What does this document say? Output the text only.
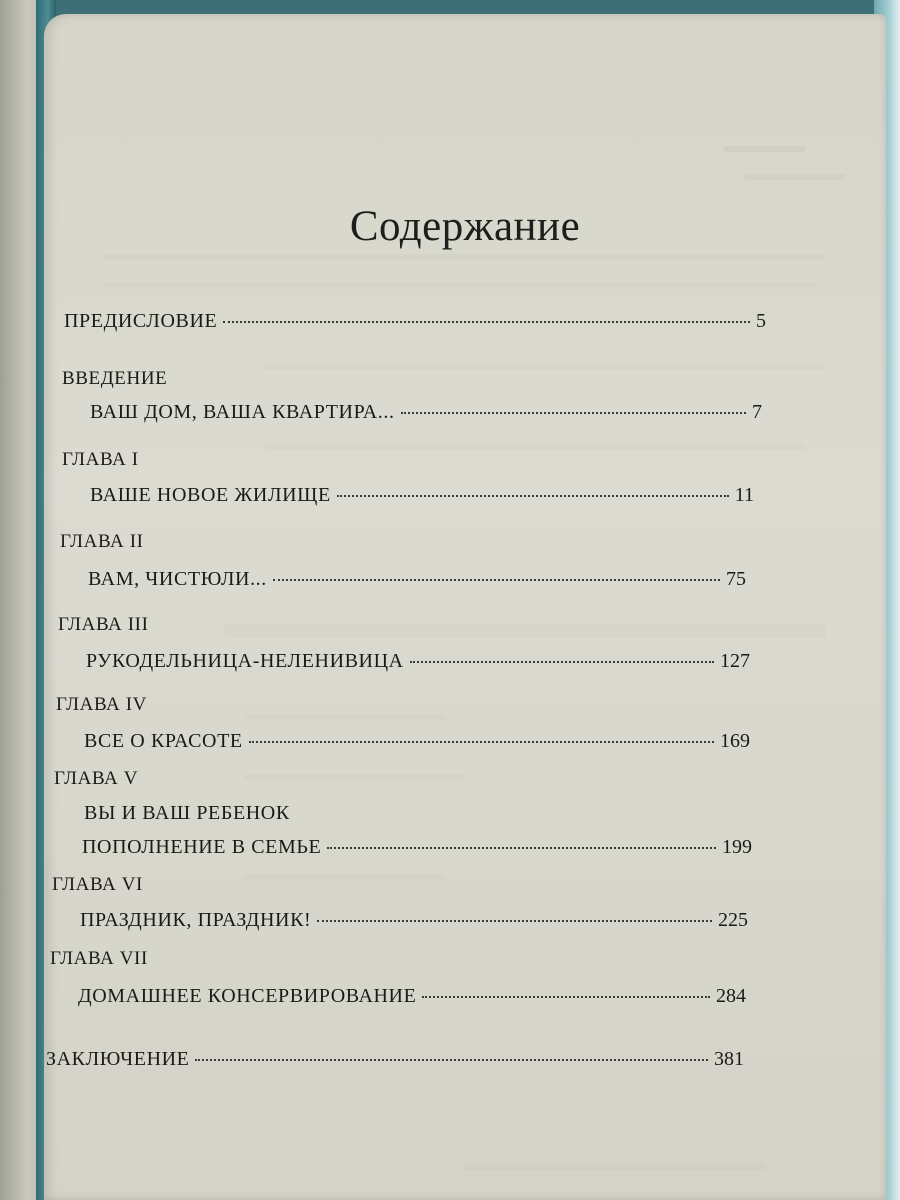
Содержание
ПРЕДИСЛОВИЕ	5
ВВЕДЕНИЕ
ВАШ ДОМ, ВАША КВАРТИРА...	7
ГЛАВА I
ВАШЕ НОВОЕ ЖИЛИЩЕ	11
ГЛАВА II
ВАМ, ЧИСТЮЛИ...	75
ГЛАВА III
РУКОДЕЛЬНИЦА-НЕЛЕНИВИЦА	127
ГЛАВА IV
ВСЕ О КРАСОТЕ	169
ГЛАВА V
ВЫ И ВАШ РЕБЕНОК
ПОПОЛНЕНИЕ В СЕМЬЕ	199
ГЛАВА VI
ПРАЗДНИК, ПРАЗДНИК!	225
ГЛАВА VII
ДОМАШНЕЕ КОНСЕРВИРОВАНИЕ	284
ЗАКЛЮЧЕНИЕ	381
